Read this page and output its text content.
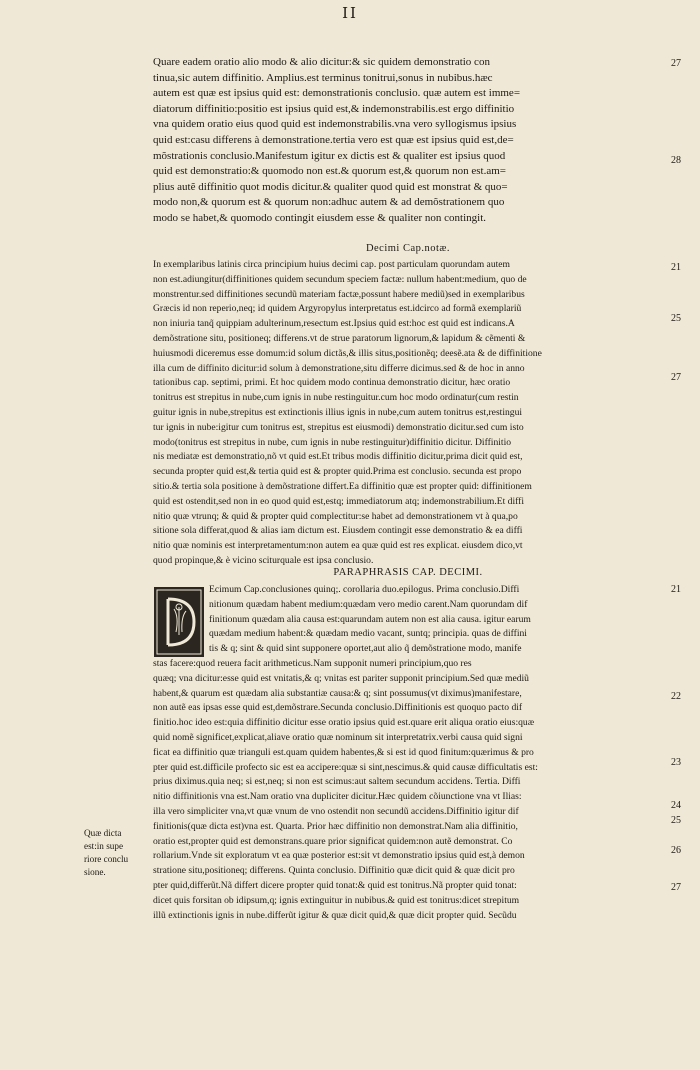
II
Quare eadem oratio alio modo & alio dicitur:& sic quidem demonstratio con
tinua,sic autem diffinitio. Amplius.est terminus tonitrui,sonus in nubibus.hæc
autem est quæ est ipsius quid est: demonstrationis conclusio. quæ autem est imme=
diatorum diffinitio:positio est ipsius quid est,& indemonstrabilis.est ergo diffinitio
vna quidem oratio eius quod quid est indemonstrabilis.vna vero syllogismus ipsius
quid est:casu differens à demonstratione.tertia vero est quæ est ipsius quid est,de=
mõstrationis conclusio.Manifestum igitur ex dictis est & qualiter est ipsius quod
quid est demonstratio:& quomodo non est.& quorum est,& quorum non est.am=
plius autẽ diffinitio quot modis dicitur.& qualiter quod quid est monstrat & quo=
modo non,& quorum est & quorum non:adhuc autem & ad demõstrationem quo
modo se habet,& quomodo contingit eiusdem esse & qualiter non contingit.
Decimi Cap.notæ.
In exemplaribus latinis circa principium huius decimi cap. post particulam quorundam autem
non est.adiungitur(diffinitiones quidem secundum speciem factæ: nullum habent:medium, quo de
monstrentur.sed diffinitiones secundũ materiam factæ,possunt habere mediũ)sed in exemplaribus
Græcis id non reperio,neq; id quidem Argyropylus interpretatus est.idcirco ad formã exemplariũ
non iniuria tanq̃ quippiam adulterinum,resectum est.Ipsius quid est:hoc est quid est indicans.A
demõstratione situ, positioneq; differens.vt de strue paratorum lignorum,& lapidum & cẽmenti &
huiusmodi diceremus esse domum:id solum dictãs,& illis situs,positionẽq; deesẽ.ata & de diffinitione
illa cum de diffinito dicitur:id solum à demonstratione,situ differre dicimus.sed & de hoc in anno
tationibus cap. septimi, primi. Et hoc quidem modo continua demonstratio dicitur, hæc oratio
tonitrus est strepitus in nube,cum ignis in nube restinguitur.cum hoc modo ordinatur(cum restin
guitur ignis in nube,strepitus est extinctionis illius ignis in nube,cum autem tonitrus est,restingui
tur ignis in nube:igitur cum tonitrus est, strepitus est eiusmodi) demonstratio dicitur.sed cum isto
modo(tonitrus est strepitus in nube, cum ignis in nube restinguitur)diffinitio dicitur. Diffinitio
nis mediatæ est demonstratio,nõ vt quid est.Et tribus modis diffinitio dicitur,prima dicit quid est,
secunda propter quid est,& tertia quid est & propter quid.Prima est conclusio. secunda est propo
sitio.& tertia sola positione à demõstratione differt.Ea diffinitio quæ est propter quid: diffinitionem
quid est ostendit,sed non in eo quod quid est,estq; immediatorum atq; indemonstrabilium.Et diffi
nitio quæ vtrunq; & quid & propter quid complectitur:se habet ad demonstrationem vt à qua,po
sitione sola differat,quod & alias iam dictum est. Eiusdem contingit esse demonstratio & ea diffi
nitio quæ nominis est interpretamentum:non autem ea quæ quid est res explicat. eiusdem dico,vt
quod propinque,& è vicino sciturquale est ipsa conclusio.
PARAPHRASIS CAP. DECIMI.
Ecimum Cap.conclusiones quinq;. corollaria duo.epilogus. Prima conclusio.Diffi
nitionum quædam habent medium:quædam vero medio carent.Nam quorundam dif
finitionum quædam alia causa est:quarundam autem non est alia causa. igitur earum
quædam medium habent:& quædam medio vacant, suntq; principia. quas de diffini
tis & q; sint & quid sint supponere oportet,aut alio q̃ demõstratione modo, manife
stas facere:quod reuera facit arithmeticus.Nam supponit numeri principium,quo res
quæq; vna dicitur:esse quid est vnitatis,& q; vnitas est pariter supponit principium.Sed quæ mediũ
habent,& quarum est quædam alia substantiæ causa:& q; sint possumus(vt diximus)manifestare,
non autẽ eas ipsas esse quid est,demõstrare.Secunda conclusio.Diffinitionis est quoquo pacto dif
finitio.hoc ideo est:quia diffinitio dicitur esse oratio ipsius quid est.quare erit aliqua oratio eius:quæ
quid nomẽ significet,explicat,aliave oratio quæ nominum sit interpretatrix.verbi causa quid signi
ficat ea diffinitio quæ trianguli est.quam quidem habentes,& si est id quod finitum:quærimus & pro
pter quid est.difficile profecto sic est ea accipere:quæ si sint,nescimus.& quid causæ difficultatis est:
prius diximus.quia neq; si est,neq; si non est scimus:aut saltem secundum accidens. Tertia. Diffi
nitio diffinitionis vna est.Nam oratio vna dupliciter dicitur.Hæc quidem cõiunctione vna vt Ilias:
illa vero simpliciter vna,vt quæ vnum de vno ostendit non secundũ accidens.Diffinitio igitur dif
finitionis(quæ dicta est)vna est. Quarta. Prior hæc diffinitio non demonstrat.Nam alia diffinitio,
oratio est,propter quid est demonstrans.quare prior significat quidem:non autẽ demonstrat. Co
rollarium.Vnde sit exploratum vt ea quæ posterior est:sit vt demonstratio ipsius quid est,à demon
stratione situ,positioneq; differens. Quinta conclusio. Diffinitio quæ dicit quid & quæ dicit pro
pter quid,differũt.Nã differt dicere propter quid tonat:& quid est tonitrus.Nã propter quid tonat:
dicet quis forsitan ob idipsum,q; ignis extinguitur in nubibus.& quid est tonitrus:dicet strepitum
illũ extinctionis ignis in nube.differũt igitur & quæ dicit quid,& quæ dicit propter quid. Secũdu
Quæ dicta
est:in supe
riore conclu
sione.
27
28
21
25
27
21
22
23
24
25
26
27
